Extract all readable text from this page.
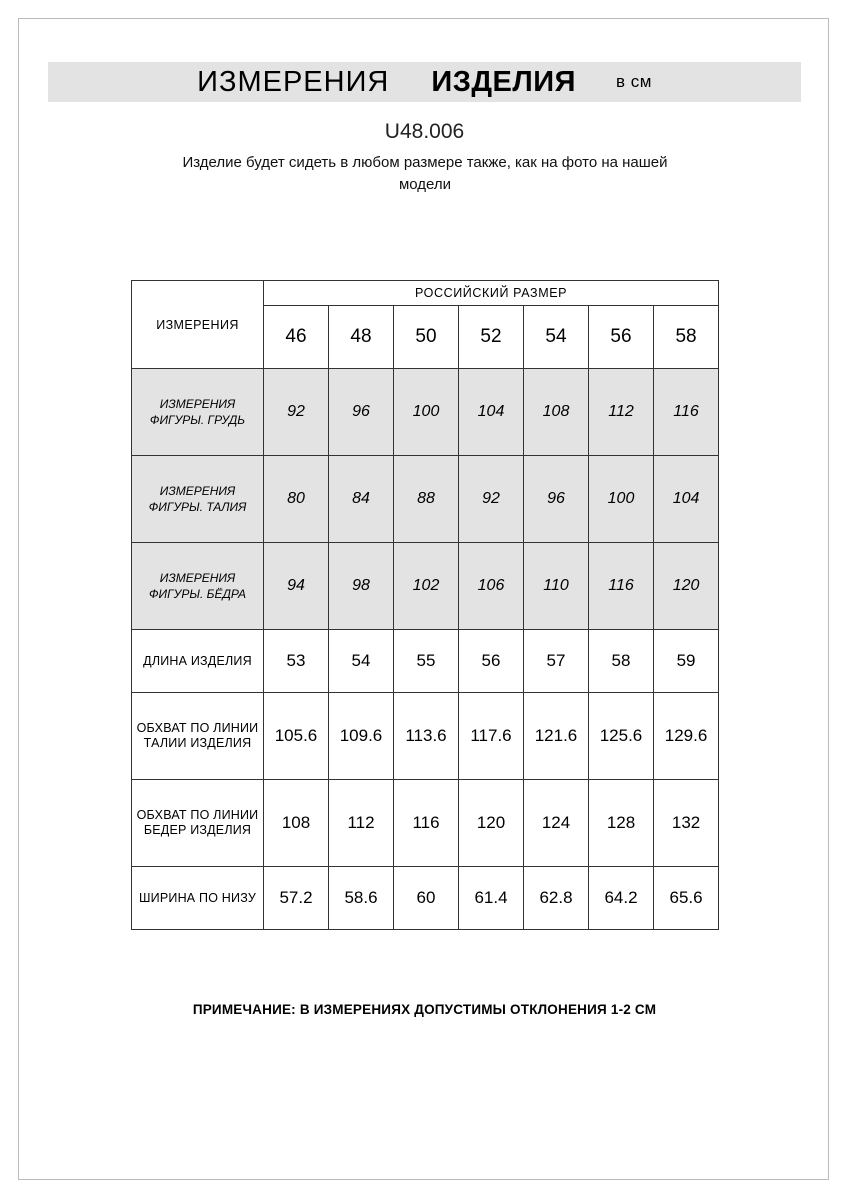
ИЗМЕРЕНИЯ ИЗДЕЛИЯ в см
U48.006
Изделие будет сидеть в любом размере также, как на фото на нашей модели
ИЗМЕРЕНИЯ	РОССИЙСКИЙ РАЗМЕР						
	46	48	50	52	54	56	58
ИЗМЕРЕНИЯ ФИГУРЫ. ГРУДЬ	92	96	100	104	108	112	116
ИЗМЕРЕНИЯ ФИГУРЫ. ТАЛИЯ	80	84	88	92	96	100	104
ИЗМЕРЕНИЯ ФИГУРЫ. БЁДРА	94	98	102	106	110	116	120
ДЛИНА ИЗДЕЛИЯ	53	54	55	56	57	58	59
ОБХВАТ ПО ЛИНИИ ТАЛИИ ИЗДЕЛИЯ	105.6	109.6	113.6	117.6	121.6	125.6	129.6
ОБХВАТ ПО ЛИНИИ БЕДЕР ИЗДЕЛИЯ	108	112	116	120	124	128	132
ШИРИНА ПО НИЗУ	57.2	58.6	60	61.4	62.8	64.2	65.6
ПРИМЕЧАНИЕ: В ИЗМЕРЕНИЯХ ДОПУСТИМЫ ОТКЛОНЕНИЯ 1-2 СМ
